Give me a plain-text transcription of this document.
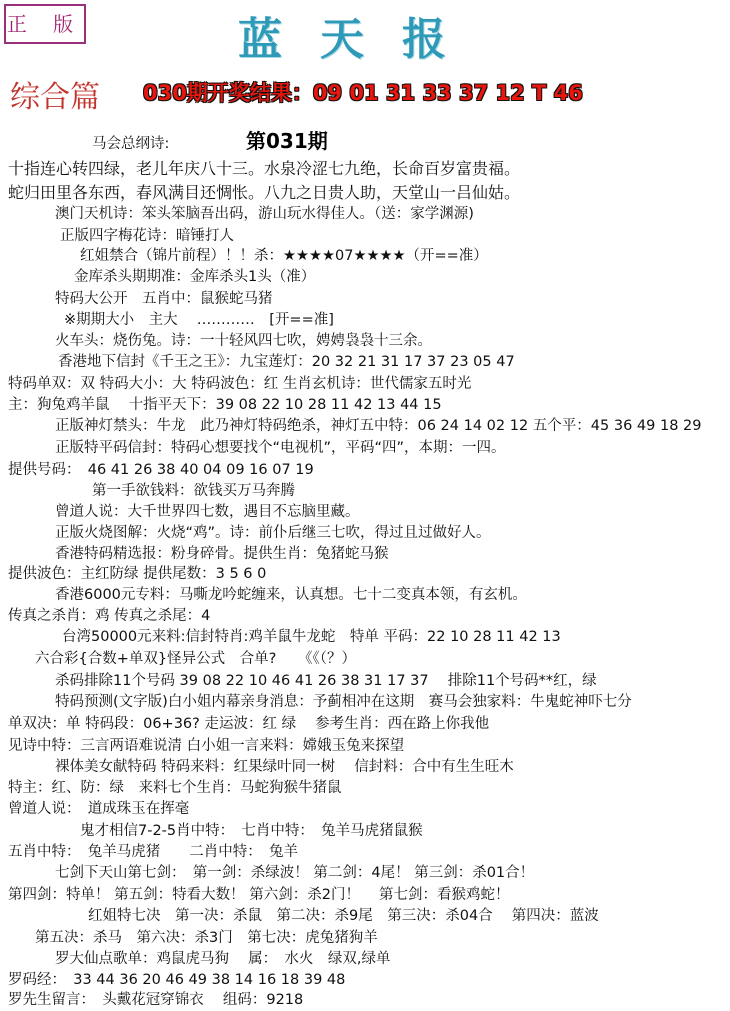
正 版	蓝天报
综合篇 030期开奖结果：09 01 31 33 37 12 T 46
第031期
马会总纲诗:
十指连心转四绿，老儿年庆八十三。水泉冷涩七九绝，长命百岁富贵福。
蛇归田里各东西，春风满目还惆怅。八九之日贵人助，天堂山一吕仙姑。
澳门天机诗：笨头笨脑吾出码，游山玩水得佳人。（送：家学渊源)
正版四字梅花诗：暗锤打人
红姐禁合（锦片前程）！！杀：★★★★07★★★★（开==准）
金库杀头期期准：金库杀头1头（准）
特码大公开　五肖中：鼠猴蛇马猪
※期期大小　主大　 …………　[开==准]
火车头：烧伤兔。诗：一十轻风四七吹，娉娉袅袅十三余。
香港地下信封《千王之王》：九宝莲灯：20 32 21 31 17 37 23 05 47
特码单双：双 特码大小：大 特码波色：红 生肖玄机诗：世代儒家五时光
主：狗兔鸡羊鼠　 十指平天下：39 08 22 10 28 11 42 13 44 15
正版神灯禁头：牛龙　此乃神灯特码绝杀，神灯五中特：06 24 14 02 12 五个平：45 36 49 18 29
正版特平码信封：特码心想要找个“电视机”，平码“四”，本期：一四。
提供号码：　46 41 26 38 40 04 09 16 07 19
第一手欲钱料：欲钱买万马奔腾
曾道人说：大千世界四七数，遇目不忘脑里藏。
正版火烧图解：火烧“鸡”。诗：前仆后继三七吹，得过且过做好人。
香港特码精选报：粉身碎骨。提供生肖：兔猪蛇马猴
提供波色：主红防绿 提供尾数：3 5 6 0
香港6000元专料：马嘶龙吟蛇缠来，认真想。七十二变真本领，有玄机。
传真之杀肖：鸡 传真之杀尾：4
台湾50000元来料:信封特肖:鸡羊鼠牛龙蛇　特单 平码：22 10 28 11 42 13
六合彩{合数+单双}怪异公式　合单?　　《《（？）
杀码排除11个号码 39 08 22 10 46 41 26 38 31 17 37　 排除11个号码**红，绿
特码预测(文字版)白小姐内幕亲身消息：予蓟相冲在这期　赛马会独家料：牛鬼蛇神吓七分
单双决：单 特码段：06+36? 走运波：红 绿　 参考生肖：西在路上你我他
见诗中特：三言两语难说清 白小姐一言来料：嫦娥玉兔来探望
裸体美女献特码 特码来料：红果绿叶同一树　 信封料：合中有生生旺木
特主：红、防：绿　来料七个生肖：马蛇狗猴牛猪鼠
曾道人说：　道成珠玉在挥毫
鬼才相信7-2-5肖中特：　七肖中特：　兔羊马虎猪鼠猴
五肖中特：　兔羊马虎猪　　二肖中特：　兔羊
七剑下天山第七剑：　第一剑：杀绿波！ 第二剑：4尾！ 第三剑：杀01合！
第四剑：特单！ 第五剑：特看大数！ 第六剑：杀2门！　 第七剑：看猴鸡蛇！
红姐特七决　第一决：杀鼠　第二决：杀9尾　第三决：杀04合　 第四决：蓝波
第五决：杀马　第六决：杀3门　第七决：虎兔猪狗羊
罗大仙点歌单：鸡鼠虎马狗　 属：　水火　绿双,绿单
罗码经：　33 44 36 20 46 49 38 14 16 18 39 48
罗先生留言：　头戴花冠穿锦衣　 组码：9218
